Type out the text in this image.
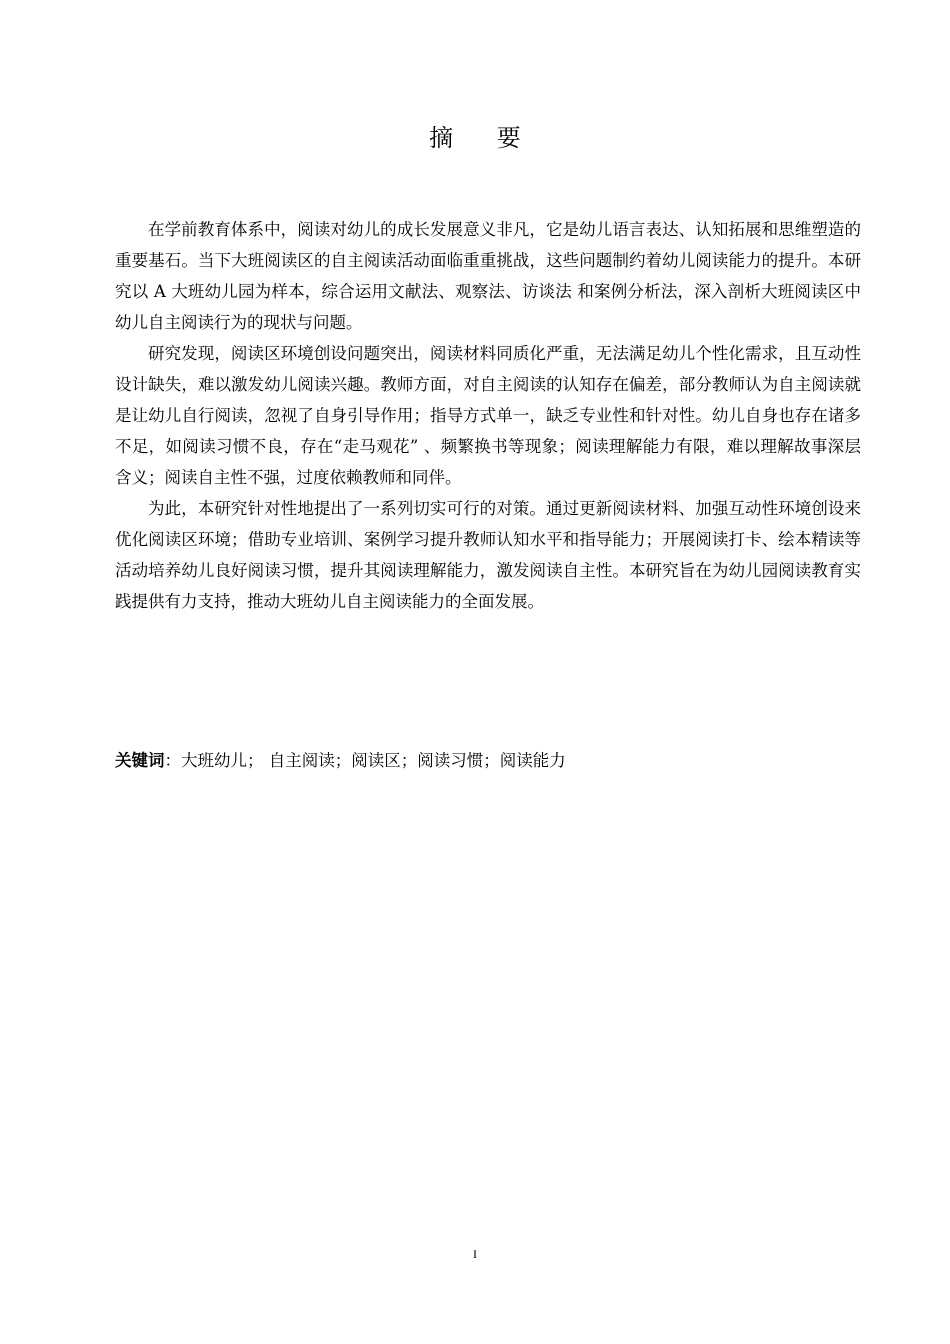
摘 要

在学前教育体系中，阅读对幼儿的成长发展意义非凡，它是幼儿语言表达、认知拓展和思维塑造的重要基石。当下大班阅读区的自主阅读活动面临重重挑战，这些问题制约着幼儿阅读能力的提升。本研究以 A 大班幼儿园为样本，综合运用文献法、观察法、访谈法 和案例分析法，深入剖析大班阅读区中幼儿自主阅读行为的现状与问题。

研究发现，阅读区环境创设问题突出，阅读材料同质化严重，无法满足幼儿个性化需求，且互动性设计缺失，难以激发幼儿阅读兴趣。教师方面，对自主阅读的认知存在偏差，部分教师认为自主阅读就是让幼儿自行阅读，忽视了自身引导作用；指导方式单一，缺乏专业性和针对性。幼儿自身也存在诸多不足，如阅读习惯不良，存在“走马观花” 、频繁换书等现象；阅读理解能力有限，难以理解故事深层含义；阅读自主性不强，过度依赖教师和同伴。

为此，本研究针对性地提出了一系列切实可行的对策。通过更新阅读材料、加强互动性环境创设来优化阅读区环境；借助专业培训、案例学习提升教师认知水平和指导能力；开展阅读打卡、绘本精读等活动培养幼儿良好阅读习惯，提升其阅读理解能力，激发阅读自主性。本研究旨在为幼儿园阅读教育实践提供有力支持，推动大班幼儿自主阅读能力的全面发展。

关键词：大班幼儿； 自主阅读；阅读区；阅读习惯；阅读能力

I
